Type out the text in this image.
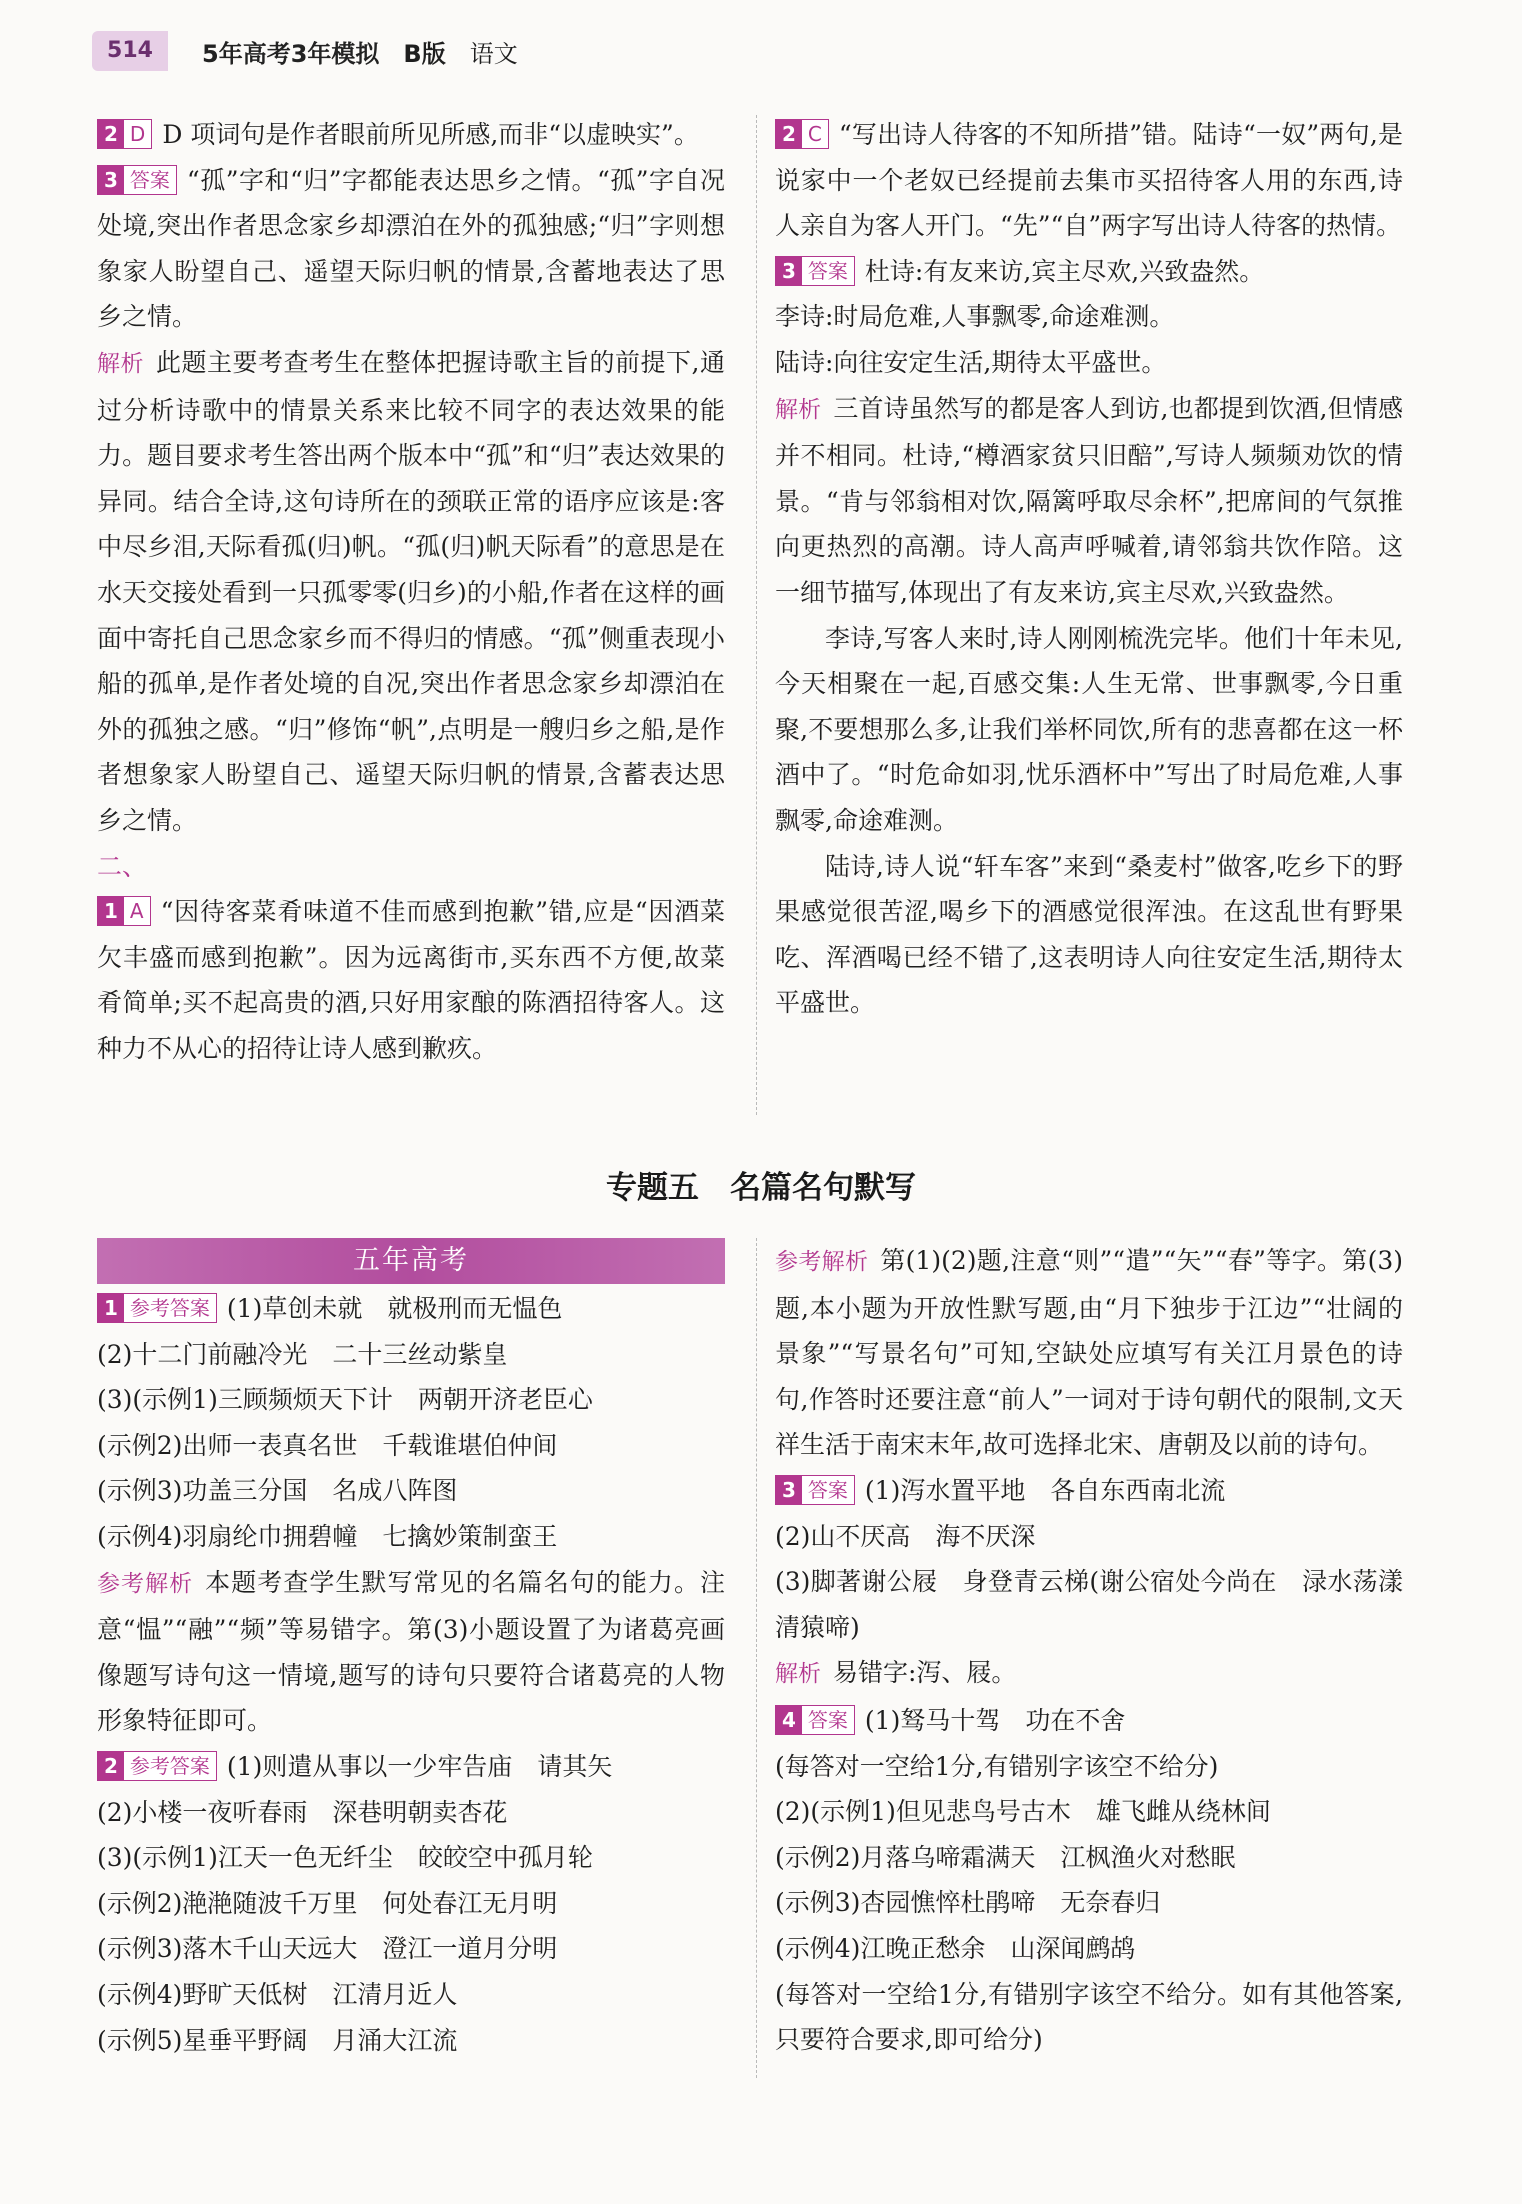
514	5年高考3年模拟 B版 语文

2 D D 项词句是作者眼前所见所感,而非“以虚映实”。

3 答案 “孤”字和“归”字都能表达思乡之情。“孤”字自况处境,突出作者思念家乡却漂泊在外的孤独感;“归”字则想象家人盼望自己、遥望天际归帆的情景,含蓄地表达了思乡之情。

解析 此题主要考查考生在整体把握诗歌主旨的前提下,通过分析诗歌中的情景关系来比较不同字的表达效果的能力。题目要求考生答出两个版本中“孤”和“归”表达效果的异同。结合全诗,这句诗所在的颈联正常的语序应该是:客中尽乡泪,天际看孤(归)帆。“孤(归)帆天际看”的意思是在水天交接处看到一只孤零零(归乡)的小船,作者在这样的画面中寄托自己思念家乡而不得归的情感。“孤”侧重表现小船的孤单,是作者处境的自况,突出作者思念家乡却漂泊在外的孤独之感。“归”修饰“帆”,点明是一艘归乡之船,是作者想象家人盼望自己、遥望天际归帆的情景,含蓄表达思乡之情。

二、

1 A “因待客菜肴味道不佳而感到抱歉”错,应是“因酒菜欠丰盛而感到抱歉”。因为远离街市,买东西不方便,故菜肴简单;买不起高贵的酒,只好用家酿的陈酒招待客人。这种力不从心的招待让诗人感到歉疚。

2 C “写出诗人待客的不知所措”错。陆诗“一奴”两句,是说家中一个老奴已经提前去集市买招待客人用的东西,诗人亲自为客人开门。“先”“自”两字写出诗人待客的热情。

3 答案 杜诗:有友来访,宾主尽欢,兴致盎然。

李诗:时局危难,人事飘零,命途难测。

陆诗:向往安定生活,期待太平盛世。

解析 三首诗虽然写的都是客人到访,也都提到饮酒,但情感并不相同。杜诗,“樽酒家贫只旧醅”,写诗人频频劝饮的情景。“肯与邻翁相对饮,隔篱呼取尽余杯”,把席间的气氛推向更热烈的高潮。诗人高声呼喊着,请邻翁共饮作陪。这一细节描写,体现出了有友来访,宾主尽欢,兴致盎然。

李诗,写客人来时,诗人刚刚梳洗完毕。他们十年未见,今天相聚在一起,百感交集:人生无常、世事飘零,今日重聚,不要想那么多,让我们举杯同饮,所有的悲喜都在这一杯酒中了。“时危命如羽,忧乐酒杯中”写出了时局危难,人事飘零,命途难测。

陆诗,诗人说“轩车客”来到“桑麦村”做客,吃乡下的野果感觉很苦涩,喝乡下的酒感觉很浑浊。在这乱世有野果吃、浑酒喝已经不错了,这表明诗人向往安定生活,期待太平盛世。

专题五　名篇名句默写
五年高考

1 参考答案 (1)草创未就　就极刑而无愠色

(2)十二门前融冷光　二十三丝动紫皇

(3)(示例1)三顾频烦天下计　两朝开济老臣心

(示例2)出师一表真名世　千载谁堪伯仲间

(示例3)功盖三分国　名成八阵图

(示例4)羽扇纶巾拥碧幢　七擒妙策制蛮王

参考解析 本题考查学生默写常见的名篇名句的能力。注意“愠”“融”“频”等易错字。第(3)小题设置了为诸葛亮画像题写诗句这一情境,题写的诗句只要符合诸葛亮的人物形象特征即可。

2 参考答案 (1)则遣从事以一少牢告庙　请其矢

(2)小楼一夜听春雨　深巷明朝卖杏花

(3)(示例1)江天一色无纤尘　皎皎空中孤月轮

(示例2)滟滟随波千万里　何处春江无月明

(示例3)落木千山天远大　澄江一道月分明

(示例4)野旷天低树　江清月近人

(示例5)星垂平野阔　月涌大江流

参考解析 第(1)(2)题,注意“则”“遣”“矢”“春”等字。第(3)题,本小题为开放性默写题,由“月下独步于江边”“壮阔的景象”“写景名句”可知,空缺处应填写有关江月景色的诗句,作答时还要注意“前人”一词对于诗句朝代的限制,文天祥生活于南宋末年,故可选择北宋、唐朝及以前的诗句。

3 答案 (1)泻水置平地　各自东西南北流

(2)山不厌高　海不厌深

(3)脚著谢公屐　身登青云梯(谢公宿处今尚在　渌水荡漾清猿啼)

解析 易错字:泻、屐。

4 答案 (1)驽马十驾　功在不舍

(每答对一空给1分,有错别字该空不给分)

(2)(示例1)但见悲鸟号古木　雄飞雌从绕林间

(示例2)月落乌啼霜满天　江枫渔火对愁眠

(示例3)杏园憔悴杜鹃啼　无奈春归

(示例4)江晚正愁余　山深闻鹧鸪

(每答对一空给1分,有错别字该空不给分。如有其他答案,只要符合要求,即可给分)
